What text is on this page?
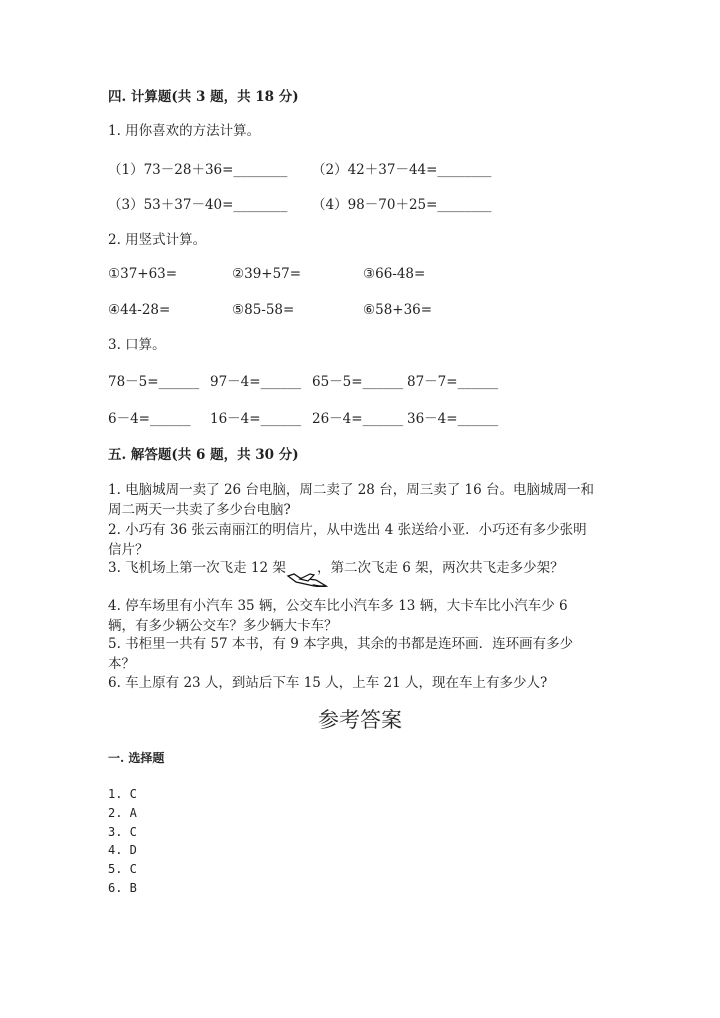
四. 计算题(共 3 题，共 18 分)
1. 用你喜欢的方法计算。
（1）73－28＋36=________ （2）42＋37－44=________
（3）53＋37－40=________ （4）98－70＋25=________
2. 用竖式计算。
①37+63=	②39+57=	③66-48=
④44-28=	⑤85-58=	⑥58+36=
3. 口算。
78－5=______ 97－4=______ 65－5=______ 87－7=______
6－4=______ 16－4=______ 26－4=______ 36－4=______
五. 解答题(共 6 题，共 30 分)
1. 电脑城周一卖了 26 台电脑，周二卖了 28 台，周三卖了 16 台。电脑城周一和
周二两天一共卖了多少台电脑?
2. 小巧有 36 张云南丽江的明信片，从中选出 4 张送给小亚．小巧还有多少张明
信片？
3. 飞机场上第一次飞走 12 架 ，第二次飞走 6 架，两次共飞走多少架？
4. 停车场里有小汽车 35 辆，公交车比小汽车多 13 辆，大卡车比小汽车少 6
辆，有多少辆公交车？多少辆大卡车？
5. 书柜里一共有 57 本书，有 9 本字典，其余的书都是连环画．连环画有多少
本？
6. 车上原有 23 人，到站后下车 15 人，上车 21 人，现在车上有多少人?
参考答案
一. 选择题
1. C
2. A
3. C
4. D
5. C
6. B
